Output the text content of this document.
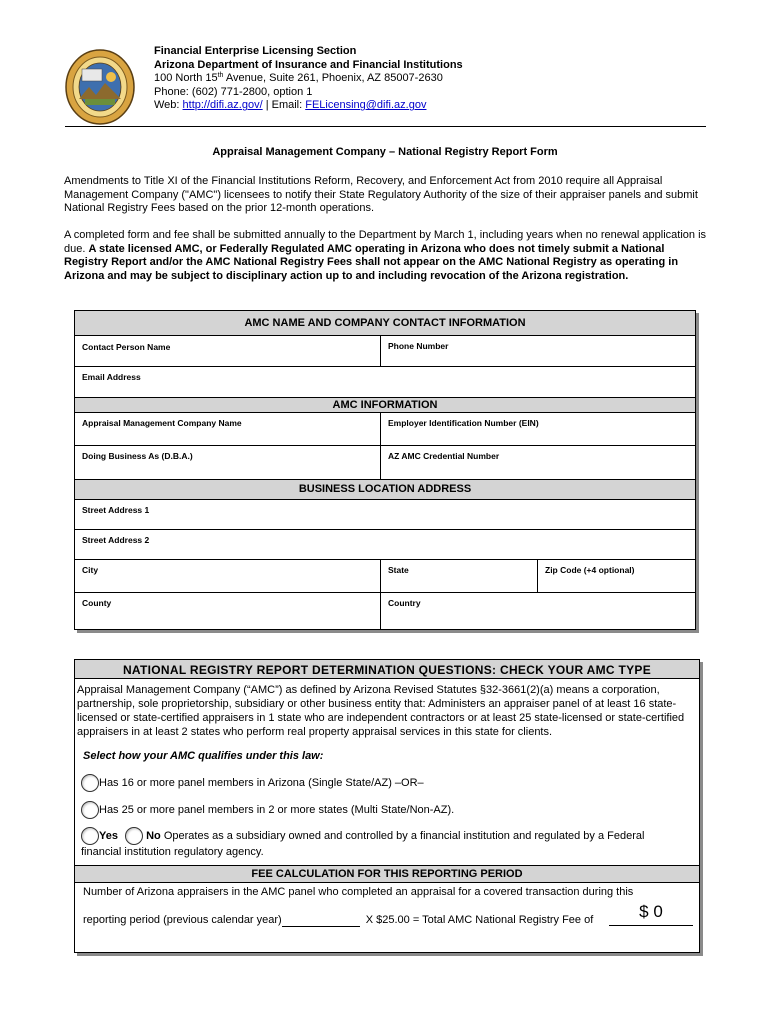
Financial Enterprise Licensing Section
Arizona Department of Insurance and Financial Institutions
100 North 15th Avenue, Suite 261, Phoenix, AZ 85007-2630
Phone: (602) 771-2800, option 1
Web: http://difi.az.gov/ | Email: FELicensing@difi.az.gov
Appraisal Management Company – National Registry Report Form
Amendments to Title XI of the Financial Institutions Reform, Recovery, and Enforcement Act from 2010 require all Appraisal Management Company ("AMC") licensees to notify their State Regulatory Authority of the size of their appraiser panels and submit National Registry Fees based on the prior 12-month operations.
A completed form and fee shall be submitted annually to the Department by March 1, including years when no renewal application is due. A state licensed AMC, or Federally Regulated AMC operating in Arizona who does not timely submit a National Registry Report and/or the AMC National Registry Fees shall not appear on the AMC National Registry as operating in Arizona and may be subject to disciplinary action up to and including revocation of the Arizona registration.
AMC NAME AND COMPANY CONTACT INFORMATION
Contact Person Name	Phone Number
Email Address
AMC INFORMATION
Appraisal Management Company Name	Employer Identification Number (EIN)
Doing Business As (D.B.A.)	AZ AMC Credential Number
BUSINESS LOCATION ADDRESS
Street Address 1
Street Address 2
City	State	Zip Code (+4 optional)
County	Country
NATIONAL REGISTRY REPORT DETERMINATION QUESTIONS: CHECK YOUR AMC TYPE
Appraisal Management Company (“AMC”) as defined by Arizona Revised Statutes §32-3661(2)(a) means a corporation, partnership, sole proprietorship, subsidiary or other business entity that: Administers an appraiser panel of at least 16 state-licensed or state-certified appraisers in 1 state who are independent contractors or at least 25 state-licensed or state-certified appraisers in at least 2 states who perform real property appraisal services in this state for clients.
Select how your AMC qualifies under this law:
Has 16 or more panel members in Arizona (Single State/AZ) –OR–
Has 25 or more panel members in 2 or more states (Multi State/Non-AZ).
Yes	No Operates as a subsidiary owned and controlled by a financial institution and regulated by a Federal financial institution regulatory agency.
FEE CALCULATION FOR THIS REPORTING PERIOD
Number of Arizona appraisers in the AMC panel who completed an appraisal for a covered transaction during this
reporting period (previous calendar year)	X $25.00 = Total AMC National Registry Fee of	$ 0
